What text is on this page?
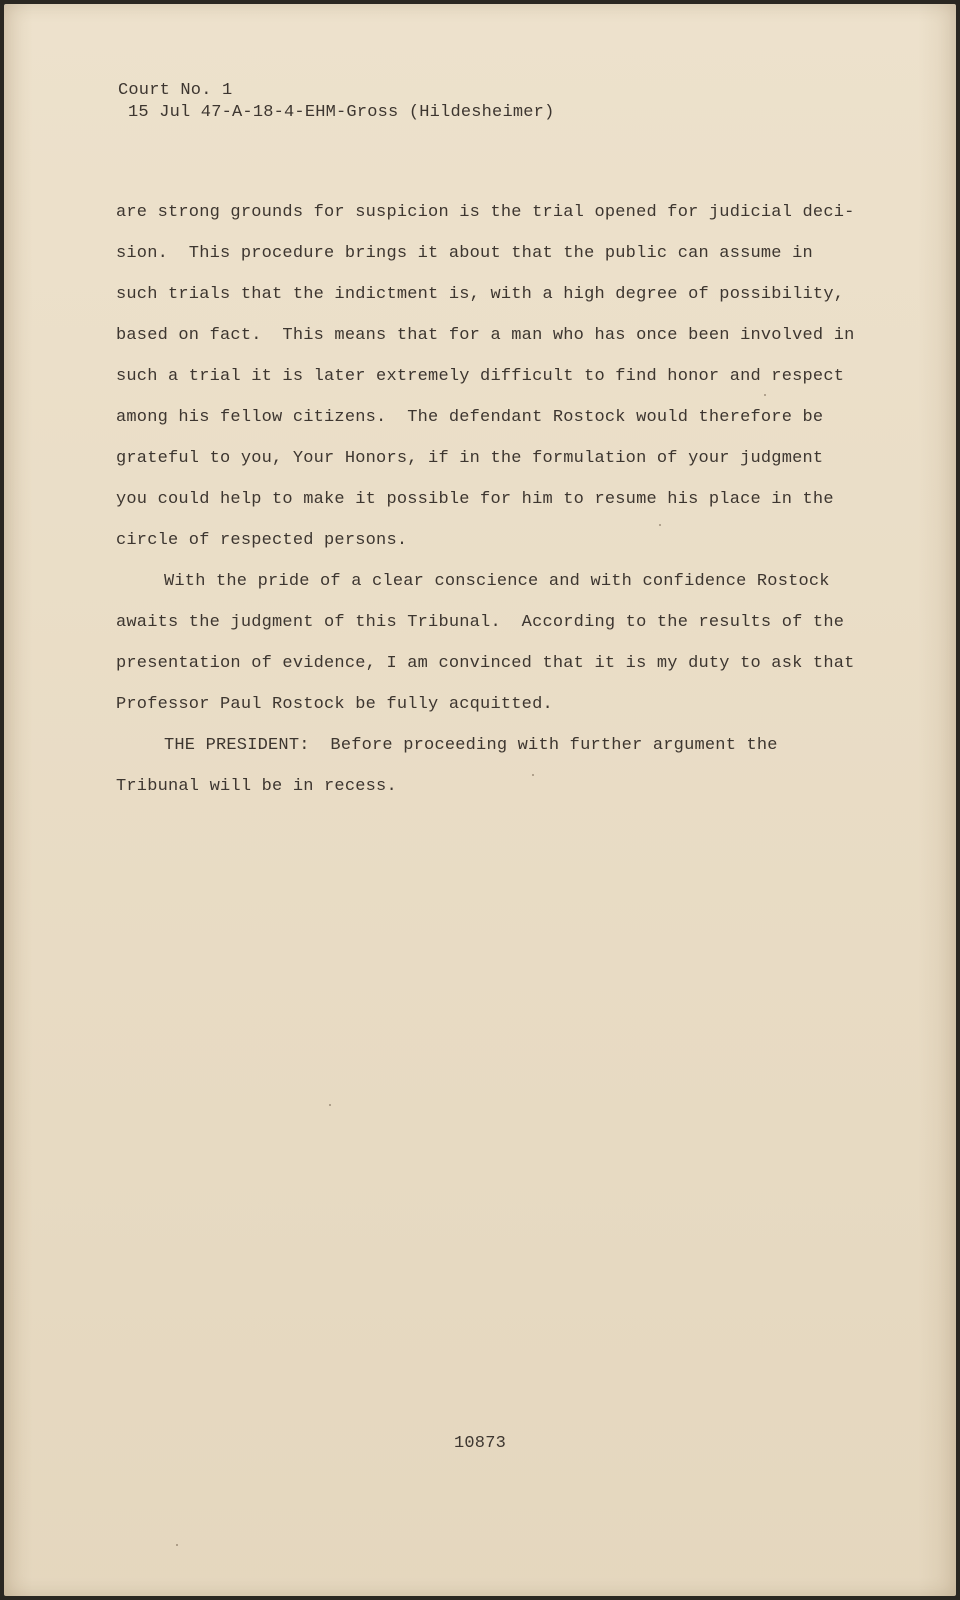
Court No. 1
15 Jul 47-A-18-4-EHM-Gross (Hildesheimer)
are strong grounds for suspicion is the trial opened for judicial deci-
sion.  This procedure brings it about that the public can assume in
such trials that the indictment is, with a high degree of possibility,
based on fact.  This means that for a man who has once been involved in
such a trial it is later extremely difficult to find honor and respect
among his fellow citizens.  The defendant Rostock would therefore be
grateful to you, Your Honors, if in the formulation of your judgment
you could help to make it possible for him to resume his place in the
circle of respected persons.
With the pride of a clear conscience and with confidence Rostock
awaits the judgment of this Tribunal.  According to the results of the
presentation of evidence, I am convinced that it is my duty to ask that
Professor Paul Rostock be fully acquitted.
THE PRESIDENT:  Before proceeding with further argument the
Tribunal will be in recess.
10873
